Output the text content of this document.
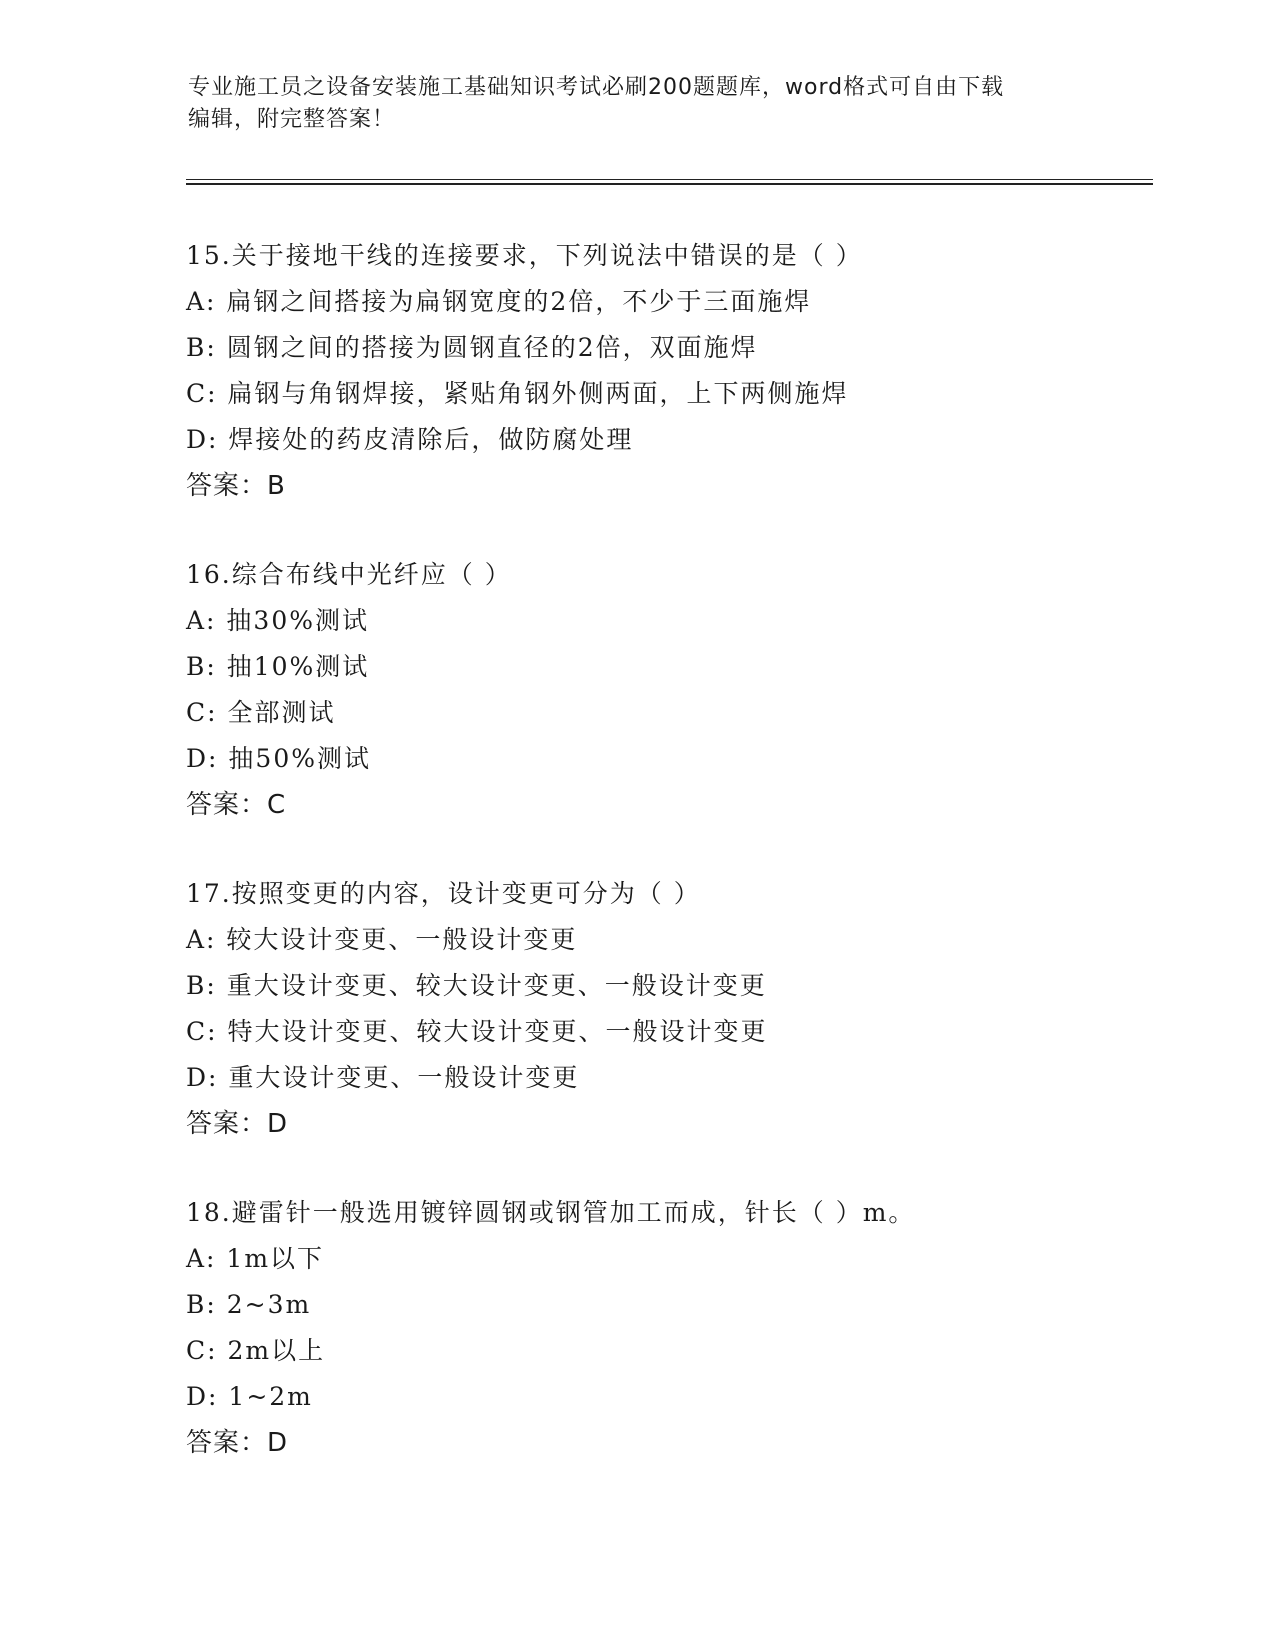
专业施工员之设备安装施工基础知识考试必刷200题题库，word格式可自由下载
编辑，附完整答案！
15.关于接地干线的连接要求，下列说法中错误的是（ ）
A: 扁钢之间搭接为扁钢宽度的2倍，不少于三面施焊
B: 圆钢之间的搭接为圆钢直径的2倍，双面施焊
C: 扁钢与角钢焊接，紧贴角钢外侧两面，上下两侧施焊
D: 焊接处的药皮清除后，做防腐处理
答案：B
16.综合布线中光纤应（ ）
A: 抽30%测试
B: 抽10%测试
C: 全部测试
D: 抽50%测试
答案：C
17.按照变更的内容，设计变更可分为（ ）
A: 较大设计变更、一般设计变更
B: 重大设计变更、较大设计变更、一般设计变更
C: 特大设计变更、较大设计变更、一般设计变更
D: 重大设计变更、一般设计变更
答案：D
18.避雷针一般选用镀锌圆钢或钢管加工而成，针长（ ）m。
A: 1m以下
B: 2~3m
C: 2m以上
D: 1~2m
答案：D
